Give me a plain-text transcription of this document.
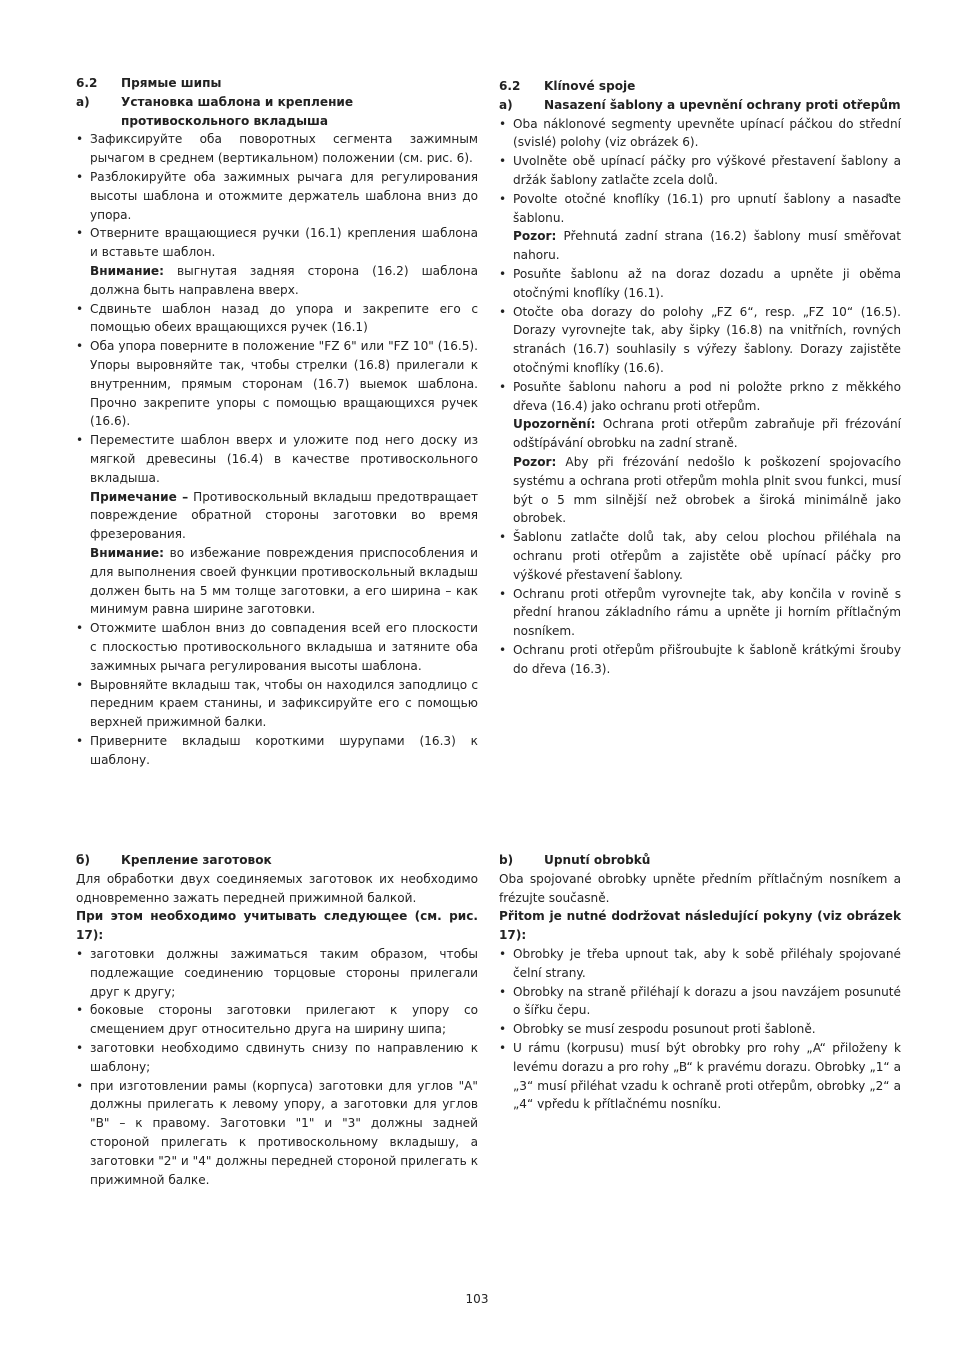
6.2	Прямые шипы
а)	Установка шаблона и крепление противоскольного вкладыша
• Зафиксируйте оба поворотных сегмента зажимным рычагом в среднем (вертикальном) положении (см. рис. 6).
• Разблокируйте оба зажимных рычага для регулирования высоты шаблона и отожмите держатель шаблона вниз до упора.
• Отверните вращающиеся ручки (16.1) крепления шаблона и вставьте шаблон.
Внимание: выгнутая задняя сторона (16.2) шаблона должна быть направлена вверх.
• Сдвиньте шаблон назад до упора и закрепите его с помощью обеих вращающихся ручек (16.1)
• Оба упора поверните в положение "FZ 6" или "FZ 10" (16.5). Упоры выровняйте так, чтобы стрелки (16.8) прилегали к внутренним, прямым сторонам (16.7) выемок шаблона. Прочно закрепите упоры с помощью вращающихся ручек (16.6).
• Переместите шаблон вверх и уложите под него доску из мягкой древесины (16.4) в качестве противоскольного вкладыша.
Примечание – Противоскольный вкладыш предотвращает повреждение обратной стороны заготовки во время фрезерования.
Внимание: во избежание повреждения приспособления и для выполнения своей функции противоскольный вкладыш должен быть на 5 мм толще заготовки, а его ширина – как минимум равна ширине заготовки.
• Отожмите шаблон вниз до совпадения всей его плоскости с плоскостью противоскольного вкладыша и затяните оба зажимных рычага регулирования высоты шаблона.
• Выровняйте вкладыш так, чтобы он находился заподлицо с передним краем станины, и зафиксируйте его с помощью верхней прижимной балки.
• Приверните вкладыш короткими шурупами (16.3) к шаблону.
6.2	Klínové spoje
a)	Nasazení šablony a upevnění ochrany proti otřepům
• Oba náklonové segmenty upevněte upínací páčkou do střední (svislé) polohy (viz obrázek 6).
• Uvolněte obě upínací páčky pro výškové přestavení šablony a držák šablony zatlačte zcela dolů.
• Povolte otočné knoflíky (16.1) pro upnutí šablony a nasaďte šablonu.
Pozor: Přehnutá zadní strana (16.2) šablony musí směřovat nahoru.
• Posuňte šablonu až na doraz dozadu a upněte ji oběma otočnými knoflíky (16.1).
• Otočte oba dorazy do polohy „FZ 6“, resp. „FZ 10“ (16.5). Dorazy vyrovnejte tak, aby šipky (16.8) na vnitřních, rovných stranách (16.7) souhlasily s výřezy šablony. Dorazy zajistěte otočnými knoflíky (16.6).
• Posuňte šablonu nahoru a pod ni položte prkno z měkkého dřeva (16.4) jako ochranu proti otřepům.
Upozornění: Ochrana proti otřepům zabraňuje při frézování odštípávání obrobku na zadní straně.
Pozor: Aby při frézování nedošlo k poškození spojovacího systému a ochrana proti otřepům mohla plnit svou funkci, musí být o 5 mm silnější než obrobek a široká minimálně jako obrobek.
• Šablonu zatlačte dolů tak, aby celou plochou přiléhala na ochranu proti otřepům a zajistěte obě upínací páčky pro výškové přestavení šablony.
• Ochranu proti otřepům vyrovnejte tak, aby končila v rovině s přední hranou základního rámu a upněte ji horním přítlačným nosníkem.
• Ochranu proti otřepům přišroubujte k šabloně krátkými šrouby do dřeva (16.3).
б)	Крепление заготовок

Для обработки двух соединяемых заготовок их необходимо одновременно зажать передней прижимной балкой.

При этом необходимо учитывать следующее (см. рис. 17):

• заготовки должны зажиматься таким образом, чтобы подлежащие соединению торцовые стороны прилегали друг к другу;
• боковые стороны заготовки прилегают к упору со смещением друг относительно друга на ширину шипа;
• заготовки необходимо сдвинуть снизу по направлению к шаблону;
• при изготовлении рамы (корпуса) заготовки для углов "А" должны прилегать к левому упору, а заготовки для углов "В" – к правому. Заготовки "1" и "3" должны задней стороной прилегать к противоскольному вкладышу, а заготовки "2" и "4" должны передней стороной прилегать к прижимной балке.
b)	Upnutí obrobků

Oba spojované obrobky upněte předním přítlačným nosníkem a frézujte současně.

Přitom je nutné dodržovat následující pokyny (viz obrázek 17):

• Obrobky je třeba upnout tak, aby k sobě přiléhaly spojované čelní strany.
• Obrobky na straně přiléhají k dorazu a jsou navzájem posunuté o šířku čepu.
• Obrobky se musí zespodu posunout proti šabloně.
• U rámu (korpusu) musí být obrobky pro rohy „A“ přiloženy k levému dorazu a pro rohy „B“ k pravému dorazu. Obrobky „1“ a „3“ musí přiléhat vzadu k ochraně proti otřepům, obrobky „2“ a „4“ vpředu k přítlačnému nosníku.
103
